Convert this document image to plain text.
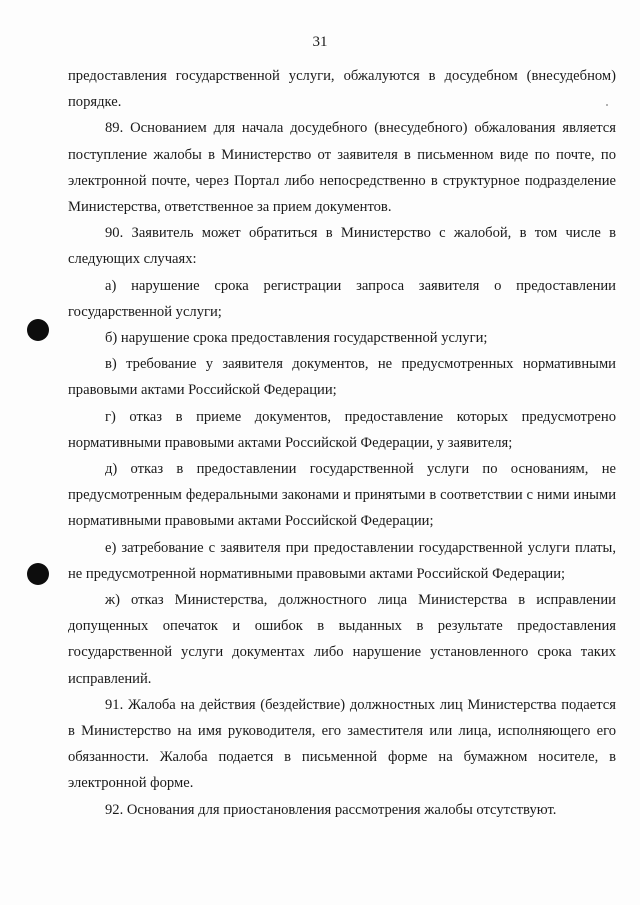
31

предоставления государственной услуги, обжалуются в досудебном (внесудебном) порядке.

89. Основанием для начала досудебного (внесудебного) обжалования является поступление жалобы в Министерство от заявителя в письменном виде по почте, по электронной почте, через Портал либо непосредственно в структурное подразделение Министерства, ответственное за прием документов.

90. Заявитель может обратиться в Министерство с жалобой, в том числе в следующих случаях:

а) нарушение срока регистрации запроса заявителя о предоставлении государственной услуги;

б) нарушение срока предоставления государственной услуги;

в) требование у заявителя документов, не предусмотренных нормативными правовыми актами Российской Федерации;

г) отказ в приеме документов, предоставление которых предусмотрено нормативными правовыми актами Российской Федерации, у заявителя;

д) отказ в предоставлении государственной услуги по основаниям, не предусмотренным федеральными законами и принятыми в соответствии с ними иными нормативными правовыми актами Российской Федерации;

е) затребование с заявителя при предоставлении государственной услуги платы, не предусмотренной нормативными правовыми актами Российской Федерации;

ж) отказ Министерства, должностного лица Министерства в исправлении допущенных опечаток и ошибок в выданных в результате предоставления государственной услуги документах либо нарушение установленного срока таких исправлений.

91. Жалоба на действия (бездействие) должностных лиц Министерства подается в Министерство на имя руководителя, его заместителя или лица, исполняющего его обязанности. Жалоба подается в письменной форме на бумажном носителе, в электронной форме.

92. Основания для приостановления рассмотрения жалобы отсутствуют.
